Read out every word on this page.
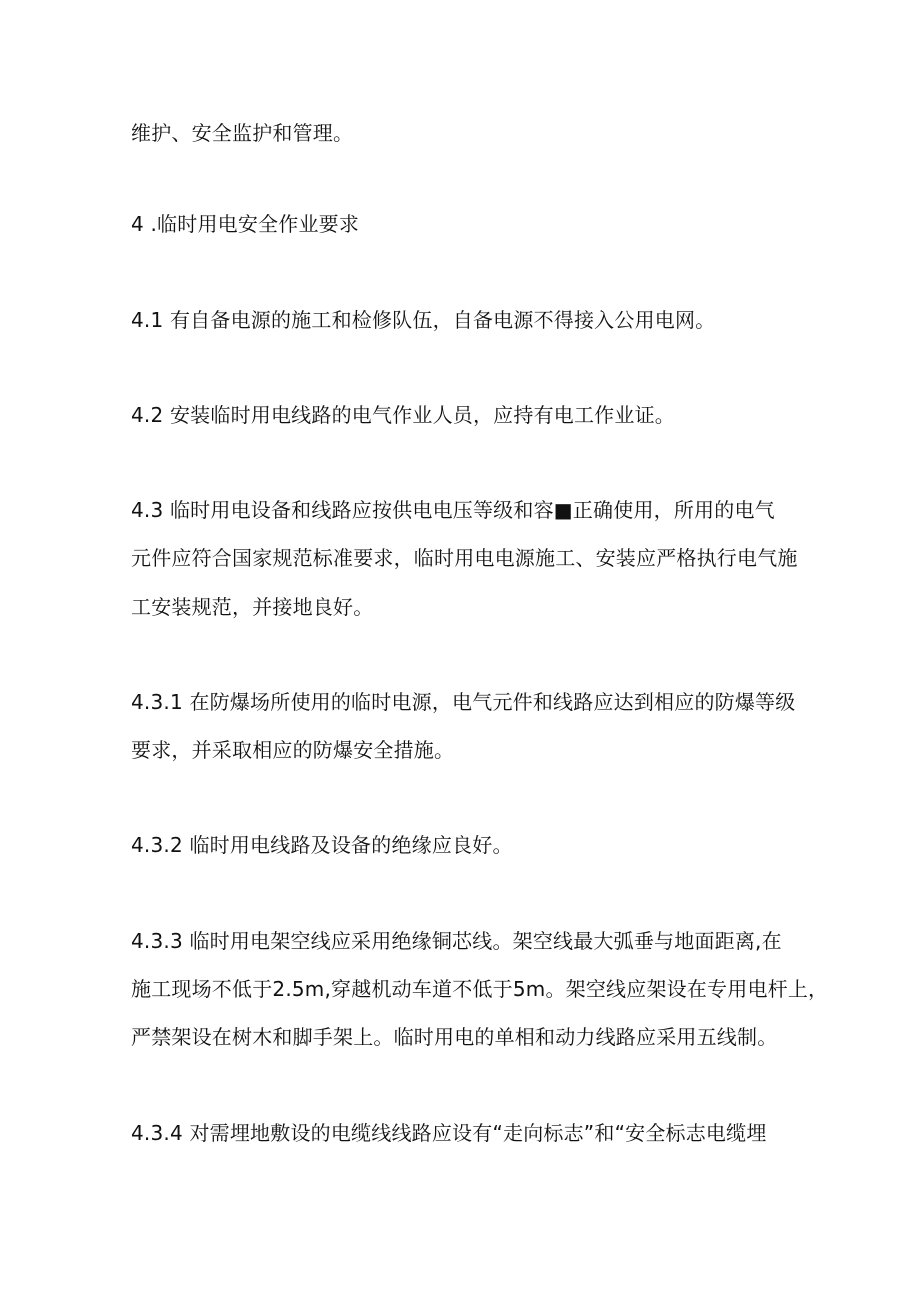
维护、安全监护和管理。
4 .临时用电安全作业要求
4.1 有自备电源的施工和检修队伍，自备电源不得接入公用电网。
4.2 安装临时用电线路的电气作业人员，应持有电工作业证。
4.3 临时用电设备和线路应按供电电压等级和容■正确使用，所用的电气
元件应符合国家规范标准要求，临时用电电源施工、安装应严格执行电气施
工安装规范，并接地良好。
4.3.1 在防爆场所使用的临时电源，电气元件和线路应达到相应的防爆等级
要求，并采取相应的防爆安全措施。
4.3.2 临时用电线路及设备的绝缘应良好。
4.3.3 临时用电架空线应采用绝缘铜芯线。架空线最大弧垂与地面距离,在
施工现场不低于2.5m,穿越机动车道不低于5m。架空线应架设在专用电杆上，
严禁架设在树木和脚手架上。临时用电的单相和动力线路应采用五线制。
4.3.4 对需埋地敷设的电缆线线路应设有“走向标志”和“安全标志电缆埋
